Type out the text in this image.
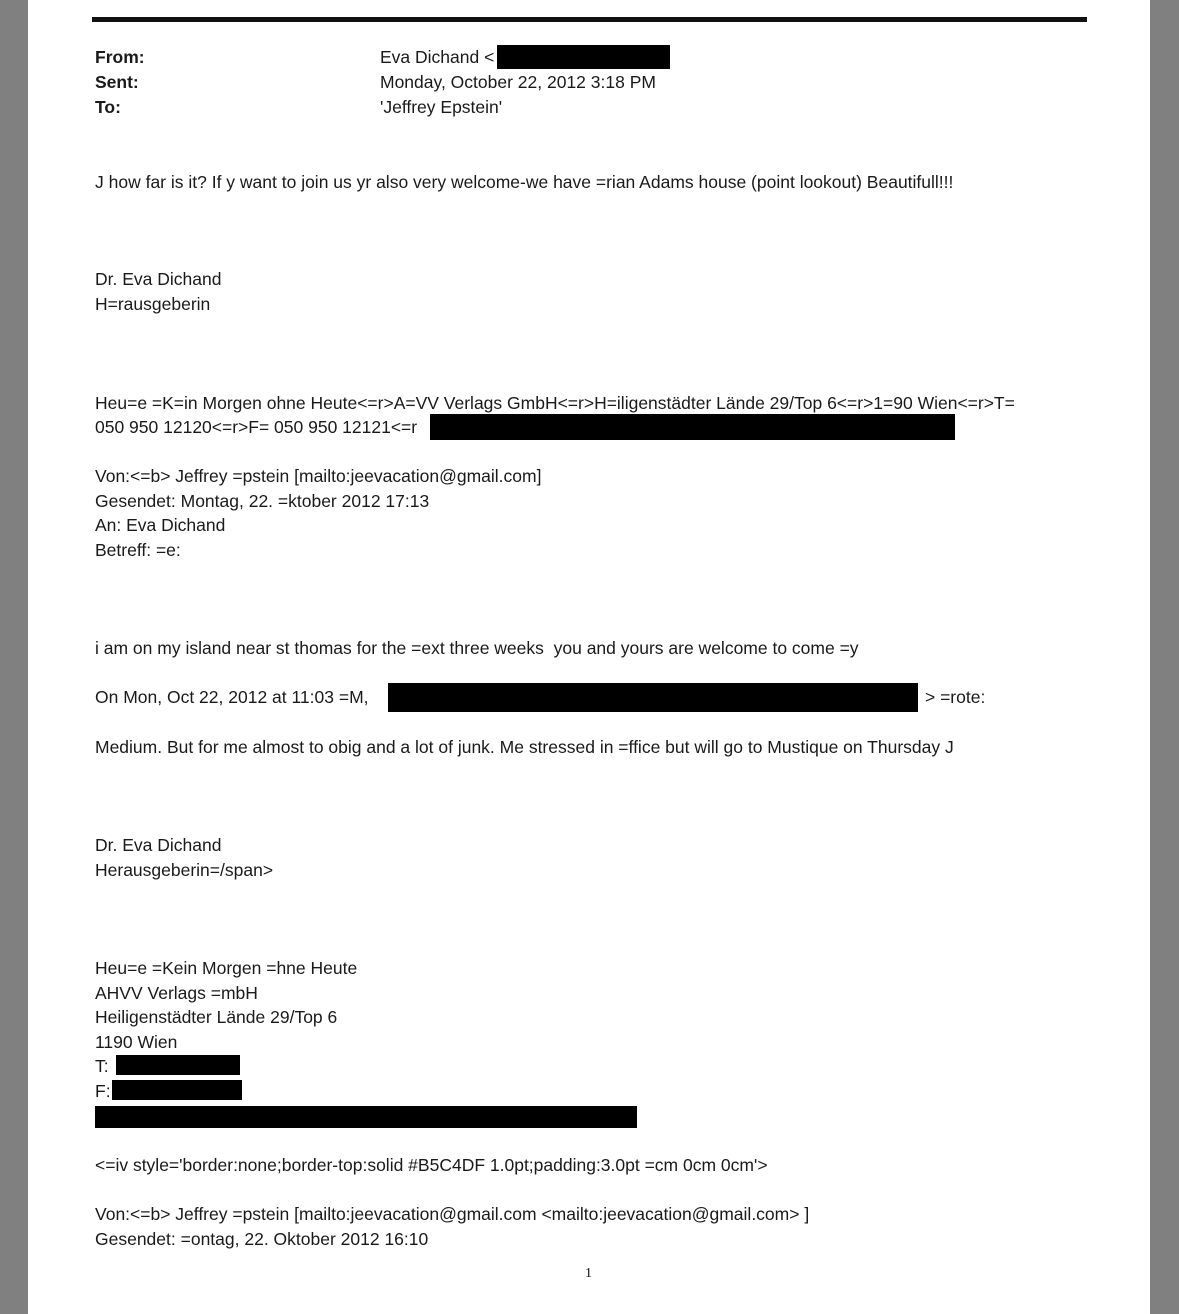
From:
Sent:
To:
Eva Dichand <
Monday, October 22, 2012 3:18 PM
'Jeffrey Epstein'
J how far is it? If y want to join us yr also very welcome-we have =rian Adams house (point lookout) Beautifull!!!
Dr. Eva Dichand
H=rausgeberin
Heu=e =K=in Morgen ohne Heute<=r>A=VV Verlags GmbH<=r>H=iligenstädter Lände 29/Top 6<=r>1=90 Wien<=r>T=
050 950 12120<=r>F= 050 950 12121<=r
Von:<=b> Jeffrey =pstein [mailto:jeevacation@gmail.com]
Gesendet: Montag, 22. =ktober 2012 17:13
An: Eva Dichand
Betreff: =e:
i am on my island near st thomas for the =ext three weeks  you and yours are welcome to come =y
On Mon, Oct 22, 2012 at 11:03 =M,	> =rote:
Medium. But for me almost to obig and a lot of junk. Me stressed in =ffice but will go to Mustique on Thursday J
Dr. Eva Dichand
Herausgeberin=/span>
Heu=e =Kein Morgen =hne Heute
AHVV Verlags =mbH
Heiligenstädter Lände 29/Top 6
1190 Wien
T:
F:
<=iv style='border:none;border-top:solid #B5C4DF 1.0pt;padding:3.0pt =cm 0cm 0cm'>
Von:<=b> Jeffrey =pstein [mailto:jeevacation@gmail.com <mailto:jeevacation@gmail.com> ]
Gesendet: =ontag, 22. Oktober 2012 16:10
1
